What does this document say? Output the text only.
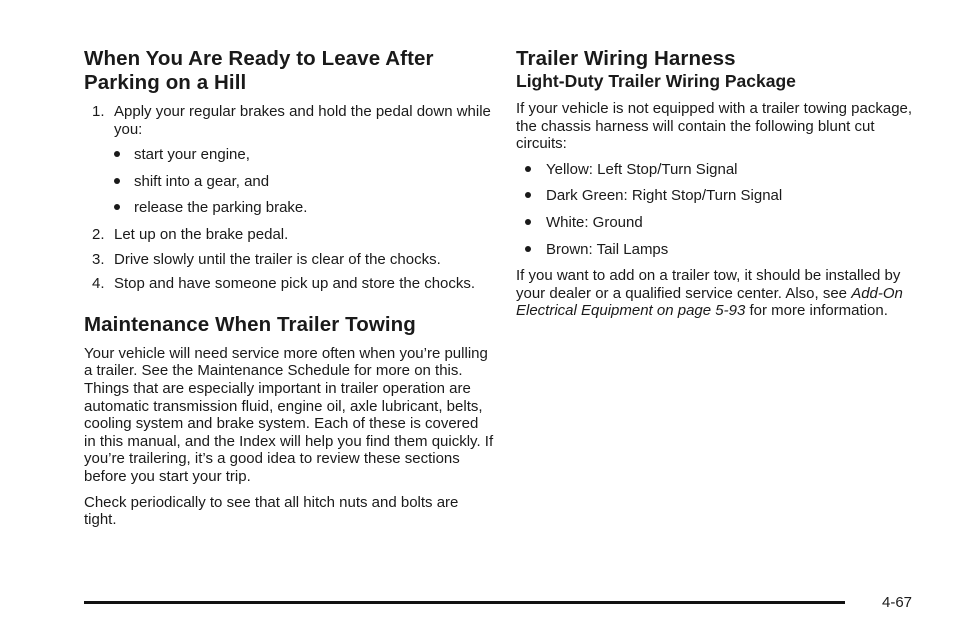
When You Are Ready to Leave After Parking on a Hill
1. Apply your regular brakes and hold the pedal down while you:
start your engine,
shift into a gear, and
release the parking brake.
2. Let up on the brake pedal.
3. Drive slowly until the trailer is clear of the chocks.
4. Stop and have someone pick up and store the chocks.
Maintenance When Trailer Towing

Your vehicle will need service more often when you’re pulling a trailer. See the Maintenance Schedule for more on this. Things that are especially important in trailer operation are automatic transmission fluid, engine oil, axle lubricant, belts, cooling system and brake system. Each of these is covered in this manual, and the Index will help you find them quickly. If you’re trailering, it’s a good idea to review these sections before you start your trip.

Check periodically to see that all hitch nuts and bolts are tight.

Trailer Wiring Harness
Light-Duty Trailer Wiring Package

If your vehicle is not equipped with a trailer towing package, the chassis harness will contain the following blunt cut circuits:

Yellow: Left Stop/Turn Signal
Dark Green: Right Stop/Turn Signal
White: Ground
Brown: Tail Lamps

If you want to add on a trailer tow, it should be installed by your dealer or a qualified service center. Also, see Add-On Electrical Equipment on page 5-93 for more information.

4-67
